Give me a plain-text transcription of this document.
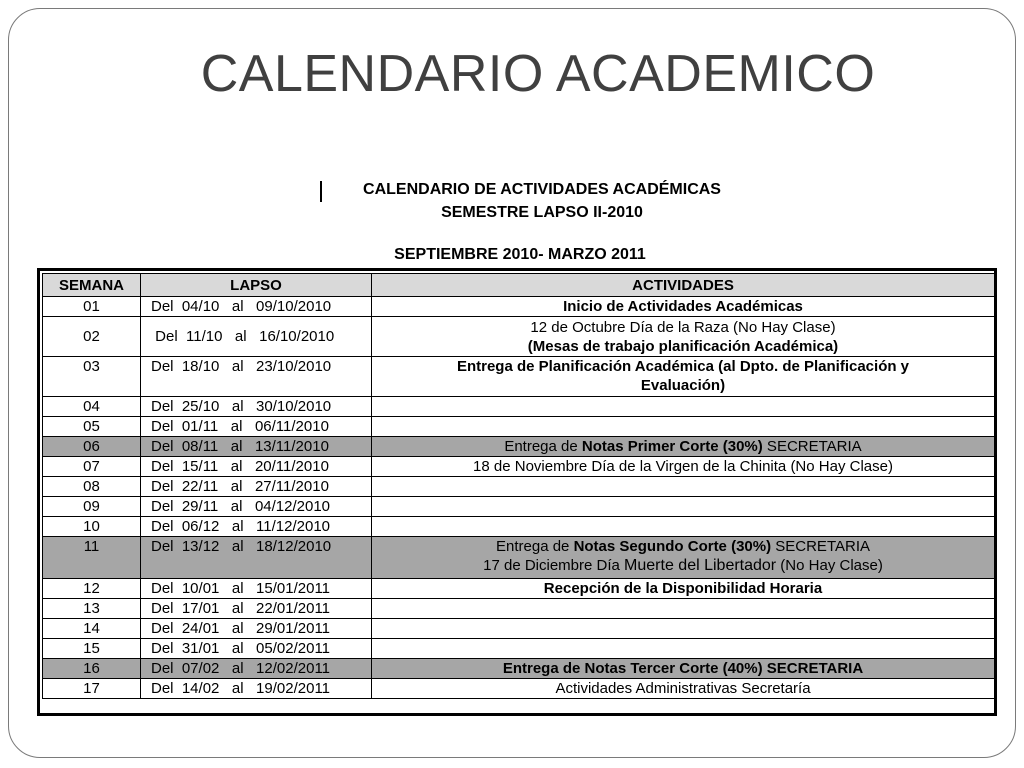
CALENDARIO ACADEMICO
CALENDARIO DE ACTIVIDADES ACADÉMICAS
SEMESTRE LAPSO II-2010
SEPTIEMBRE 2010- MARZO 2011
SEMANA	LAPSO	ACTIVIDADES
01	Del  04/10   al   09/10/2010	Inicio de Actividades Académicas
02	Del  11/10   al   16/10/2010	12 de Octubre Día de la Raza (No Hay Clase)
(Mesas de trabajo planificación Académica)

03	Del  18/10   al   23/10/2010	Entrega de Planificación Académica (al Dpto. de Planificación y
Evaluación)

04	Del  25/10   al   30/10/2010	
05	Del  01/11   al   06/11/2010	
06	Del  08/11   al   13/11/2010	Entrega de Notas Primer Corte (30%) SECRETARIA
07	Del  15/11   al   20/11/2010	18 de Noviembre Día de la Virgen de la Chinita (No Hay Clase)
08	Del  22/11   al   27/11/2010	
09	Del  29/11   al   04/12/2010	
10	Del  06/12   al   11/12/2010	
11	Del  13/12   al   18/12/2010	Entrega de Notas Segundo Corte (30%) SECRETARIA
17 de Diciembre Día Muerte del Libertador (No Hay Clase)

12	Del  10/01   al   15/01/2011	Recepción de la Disponibilidad Horaria
13	Del  17/01   al   22/01/2011	
14	Del  24/01   al   29/01/2011	
15	Del  31/01   al   05/02/2011	
16	Del  07/02   al   12/02/2011	Entrega de Notas Tercer Corte (40%) SECRETARIA
17	Del  14/02   al   19/02/2011	Actividades Administrativas Secretaría
